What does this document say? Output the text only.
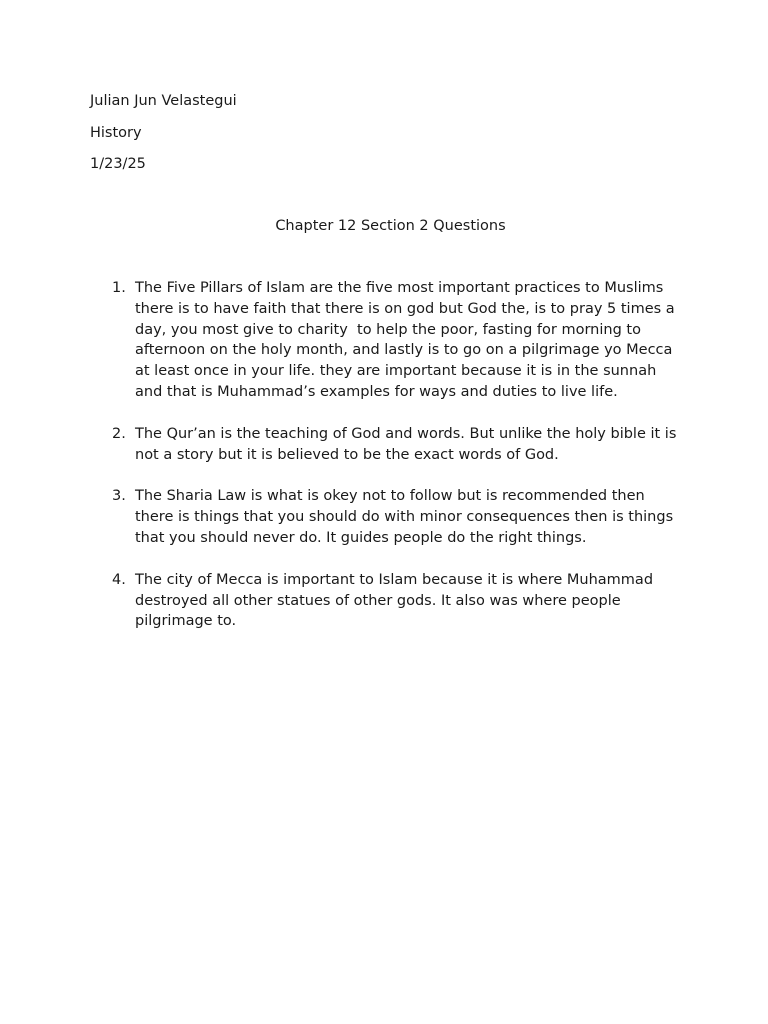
Julian Jun Velastegui
History
1/23/25
Chapter 12 Section 2 Questions
1. The Five Pillars of Islam are the five most important practices to Muslims there is to have faith that there is on god but God the, is to pray 5 times a day, you most give to charity  to help the poor, fasting for morning to afternoon on the holy month, and lastly is to go on a pilgrimage yo Mecca at least once in your life. they are important because it is in the sunnah and that is Muhammad’s examples for ways and duties to live life.
2. The Qur’an is the teaching of God and words. But unlike the holy bible it is not a story but it is believed to be the exact words of God.
3. The Sharia Law is what is okey not to follow but is recommended then there is things that you should do with minor consequences then is things that you should never do. It guides people do the right things.
4. The city of Mecca is important to Islam because it is where Muhammad destroyed all other statues of other gods. It also was where people pilgrimage to.
